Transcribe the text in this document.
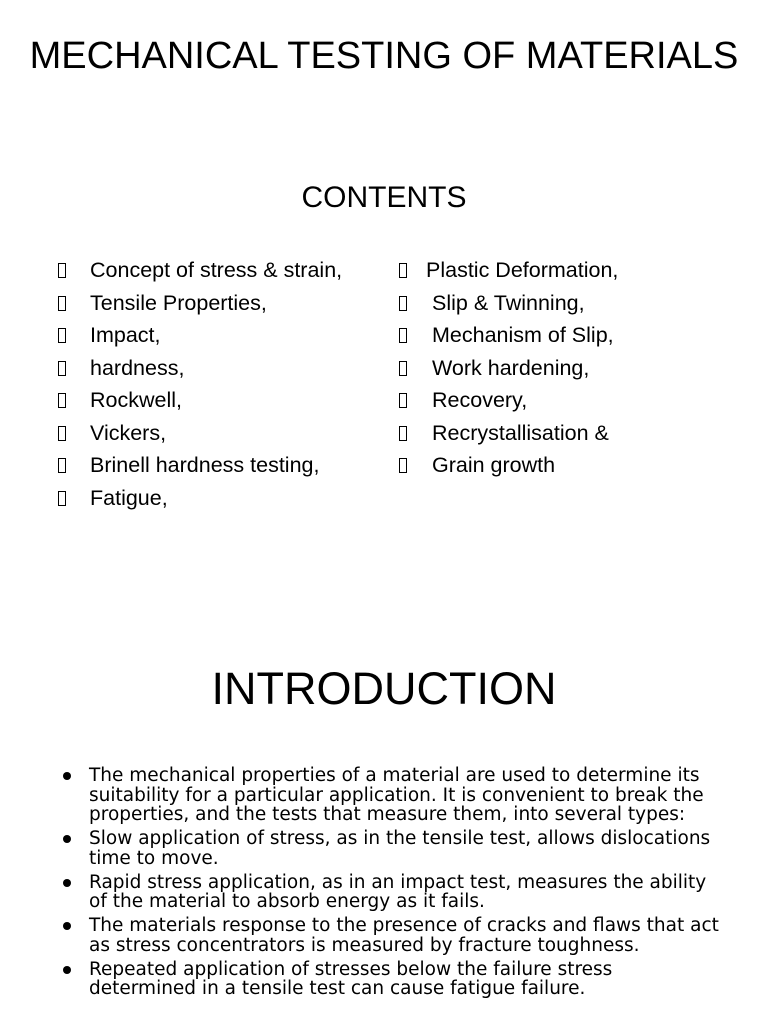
MECHANICAL TESTING OF MATERIALS
CONTENTS
Concept of stress & strain,
Tensile Properties,
Impact,
hardness,
Rockwell,
Vickers,
Brinell hardness testing,
Fatigue,
Plastic Deformation,
Slip & Twinning,
Mechanism of Slip,
Work hardening,
Recovery,
Recrystallisation &
Grain growth
INTRODUCTION
The mechanical properties of a material are used to determine its suitability for a particular application. It is convenient to break the properties, and the tests that measure them, into several types:
Slow application of stress, as in the tensile test, allows dislocations time to move.
Rapid stress application, as in an impact test, measures the ability of the material to absorb energy as it fails.
The materials response to the presence of cracks and flaws that act as stress concentrators is measured by fracture toughness.
Repeated application of stresses below the failure stress determined in a tensile test can cause fatigue failure.
